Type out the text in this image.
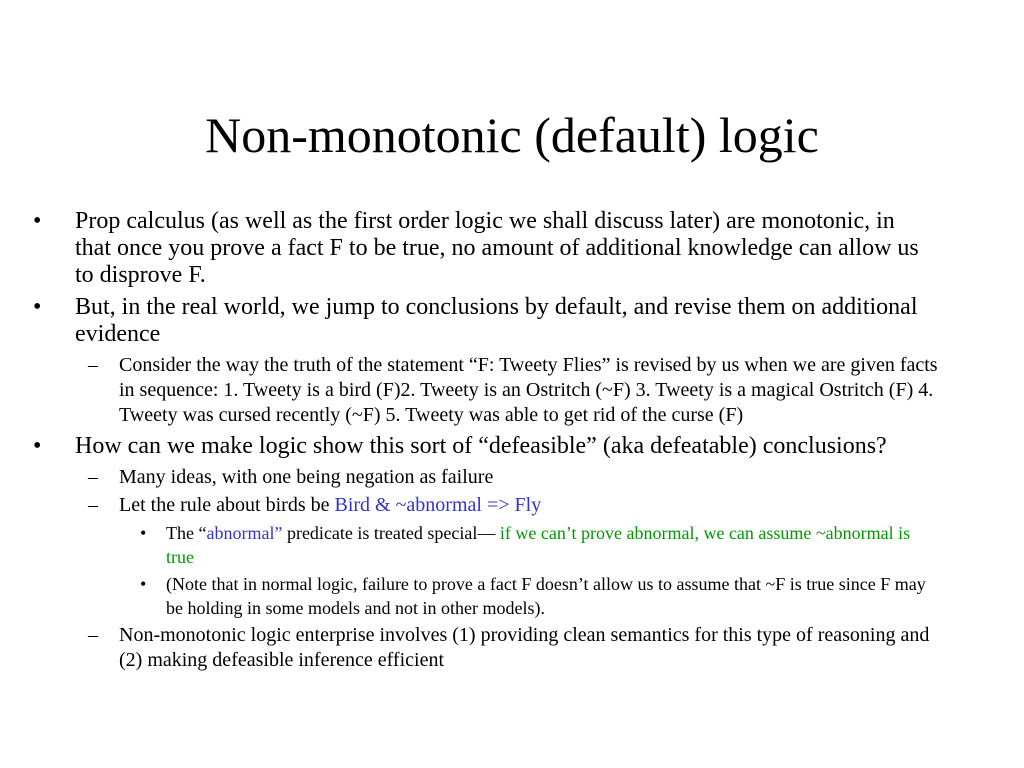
Non-monotonic (default) logic
• Prop calculus (as well as the first order logic we shall discuss later) are monotonic, in that once you prove a fact F to be true, no amount of additional knowledge can allow us to disprove F.
• But, in the real world, we jump to conclusions by default, and revise them on additional evidence
– Consider the way the truth of the statement “F: Tweety Flies” is revised by us when we are given facts in sequence: 1. Tweety is a bird (F)2. Tweety is an Ostritch (~F) 3. Tweety is a magical Ostritch (F) 4. Tweety was cursed recently (~F) 5. Tweety was able to get rid of the curse (F)
• How can we make logic show this sort of “defeasible” (aka defeatable) conclusions?
– Many ideas, with one being negation as failure
– Let the rule about birds be Bird & ~abnormal => Fly
• The “abnormal” predicate is treated special— if we can’t prove abnormal, we can assume ~abnormal is true
• (Note that in normal logic, failure to prove a fact F doesn’t allow us to assume that ~F is true since F may be holding in some models and not in other models).
– Non-monotonic logic enterprise involves (1) providing clean semantics for this type of reasoning and (2) making defeasible inference efficient
